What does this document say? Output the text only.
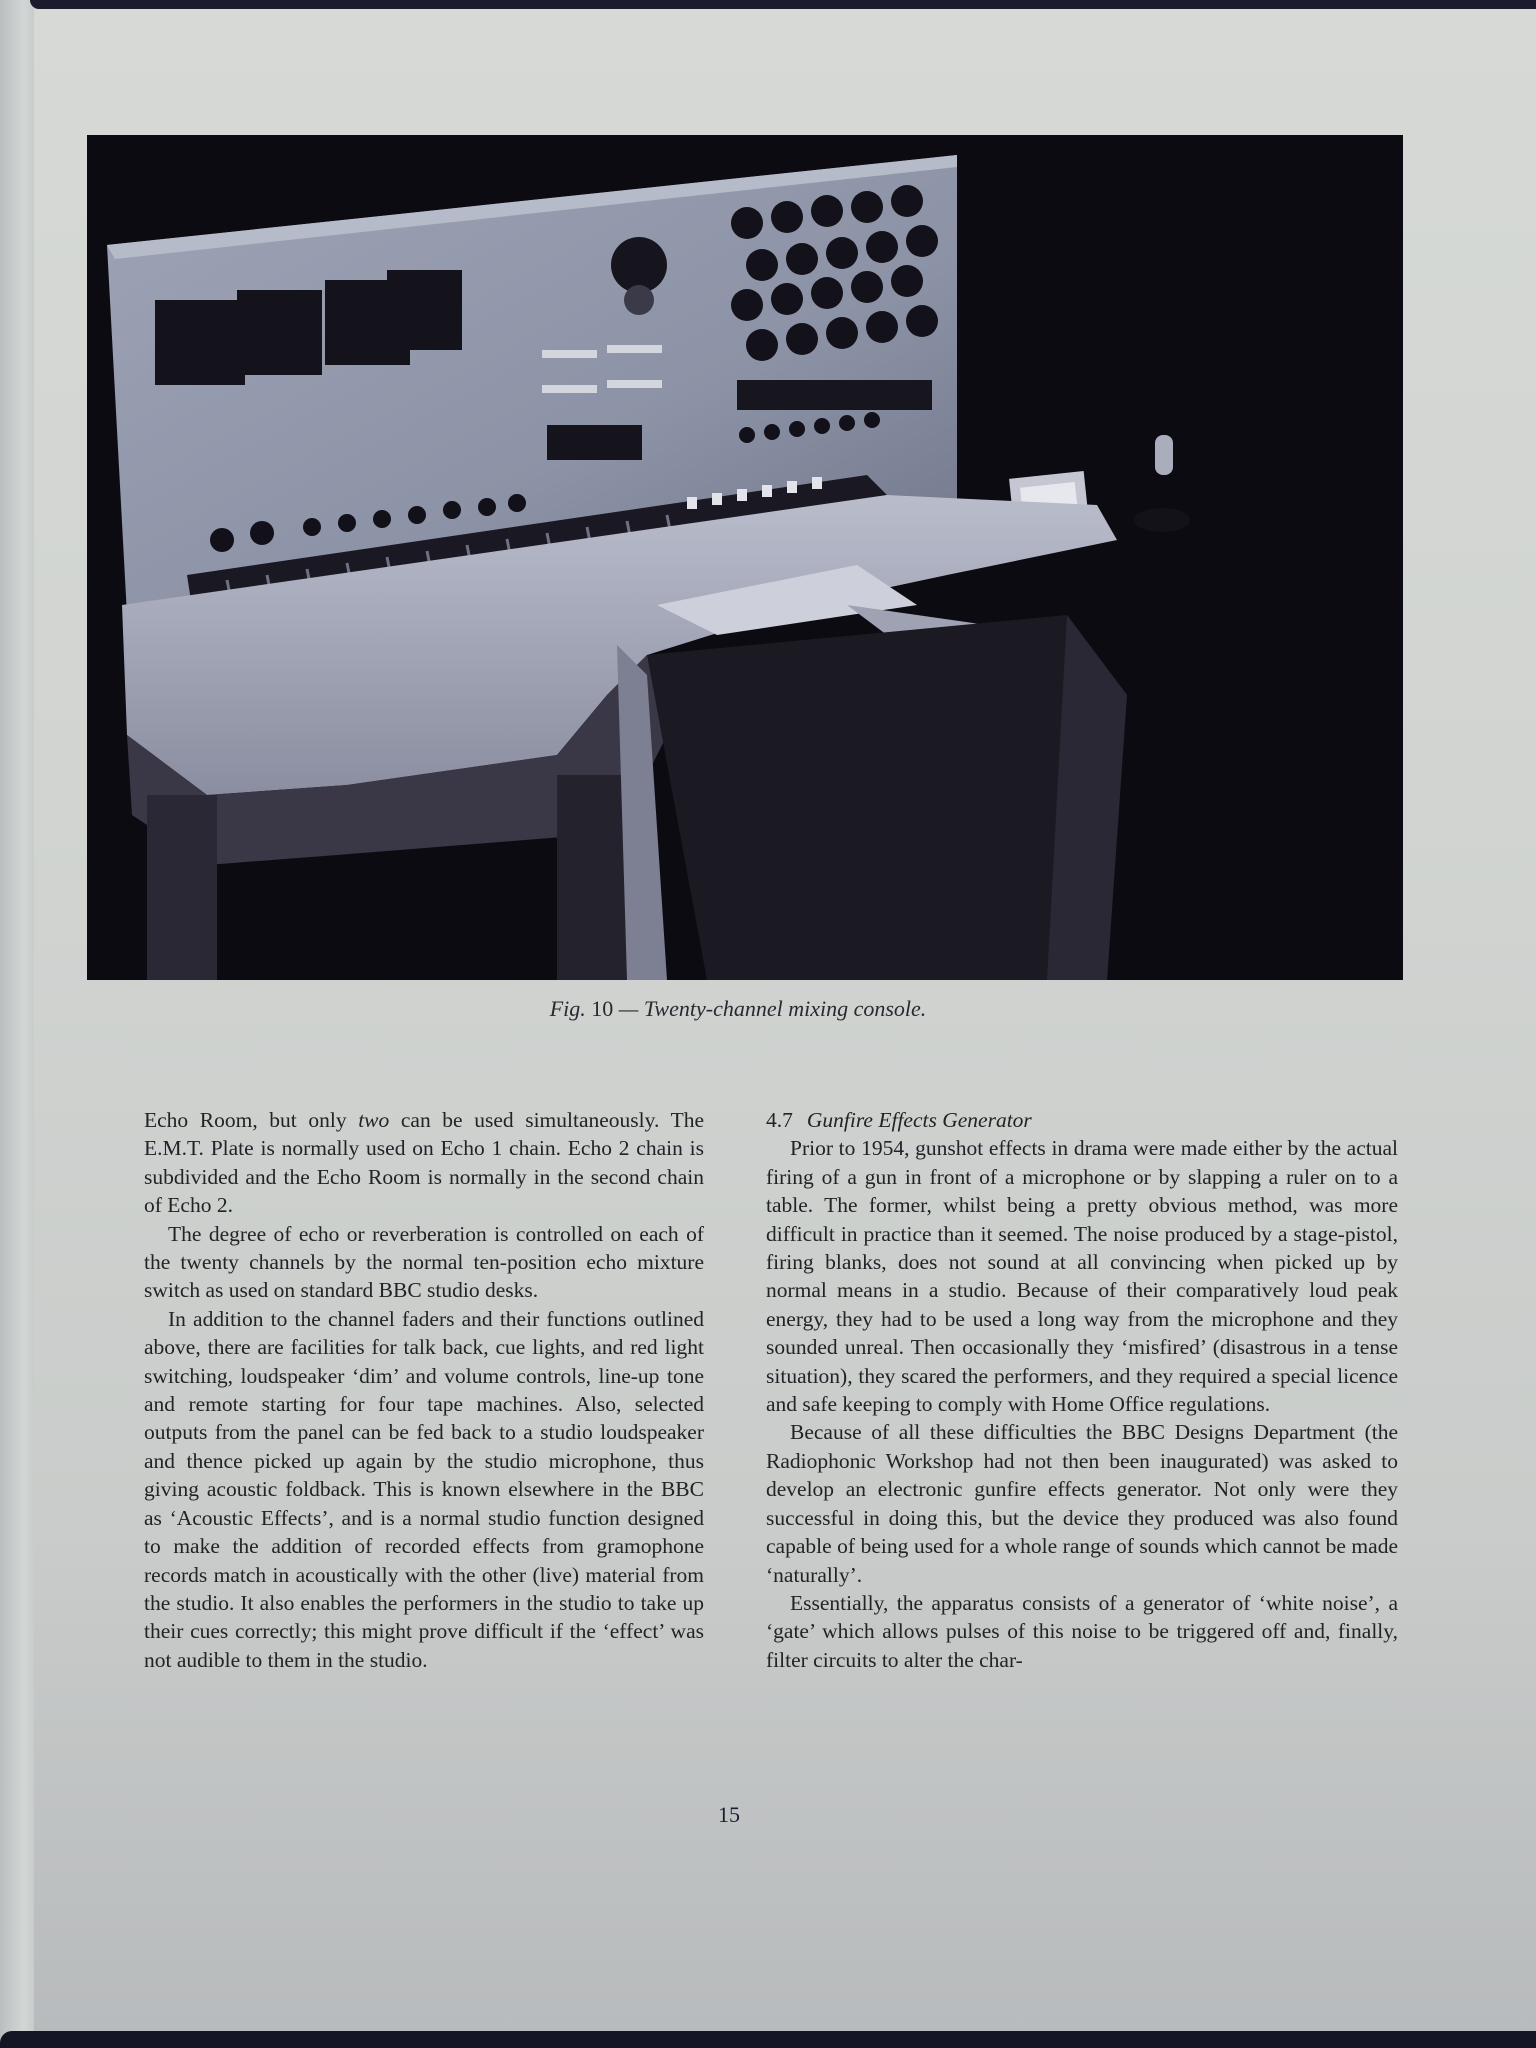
Fig. 10 — Twenty-channel mixing console.

Echo Room, but only two can be used simultaneously. The E.M.T. Plate is normally used on Echo 1 chain. Echo 2 chain is subdivided and the Echo Room is normally in the second chain of Echo 2.

The degree of echo or reverberation is controlled on each of the twenty channels by the normal ten-position echo mixture switch as used on standard BBC studio desks.

In addition to the channel faders and their functions outlined above, there are facilities for talk back, cue lights, and red light switching, loudspeaker ‘dim’ and volume controls, line-up tone and remote starting for four tape machines. Also, selected outputs from the panel can be fed back to a studio loudspeaker and thence picked up again by the studio microphone, thus giving acoustic foldback. This is known elsewhere in the BBC as ‘Acoustic Effects’, and is a normal studio function designed to make the addition of recorded effects from gramophone records match in acoustically with the other (live) material from the studio. It also enables the performers in the studio to take up their cues correctly; this might prove difficult if the ‘effect’ was not audible to them in the studio.

4.7 Gunfire Effects Generator

Prior to 1954, gunshot effects in drama were made either by the actual firing of a gun in front of a microphone or by slapping a ruler on to a table. The former, whilst being a pretty obvious method, was more difficult in practice than it seemed. The noise produced by a stage-pistol, firing blanks, does not sound at all convincing when picked up by normal means in a studio. Because of their comparatively loud peak energy, they had to be used a long way from the microphone and they sounded unreal. Then occasionally they ‘misfired’ (disastrous in a tense situation), they scared the performers, and they required a special licence and safe keeping to comply with Home Office regulations.

Because of all these difficulties the BBC Designs Department (the Radiophonic Workshop had not then been inaugurated) was asked to develop an electronic gunfire effects generator. Not only were they successful in doing this, but the device they produced was also found capable of being used for a whole range of sounds which cannot be made ‘naturally’.

Essentially, the apparatus consists of a generator of ‘white noise’, a ‘gate’ which allows pulses of this noise to be triggered off and, finally, filter circuits to alter the char-

15
